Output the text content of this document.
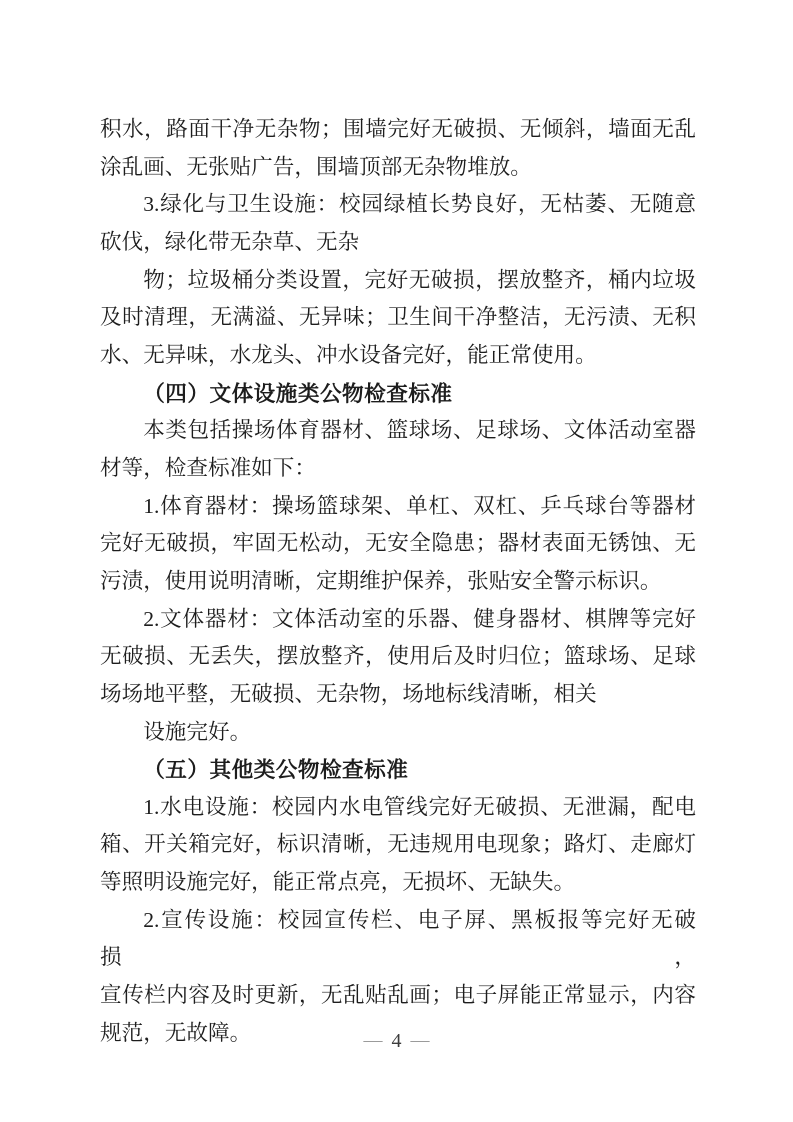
积水，路面干净无杂物；围墙完好无破损、无倾斜，墙面无乱
涂乱画、无张贴广告，围墙顶部无杂物堆放。
3.绿化与卫生设施：校园绿植长势良好，无枯萎、无随意
砍伐，绿化带无杂草、无杂
物；垃圾桶分类设置，完好无破损，摆放整齐，桶内垃圾
及时清理，无满溢、无异味；卫生间干净整洁，无污渍、无积
水、无异味，水龙头、冲水设备完好，能正常使用。
（四）文体设施类公物检查标准
本类包括操场体育器材、篮球场、足球场、文体活动室器
材等，检查标准如下：
1.体育器材：操场篮球架、单杠、双杠、乒乓球台等器材
完好无破损，牢固无松动，无安全隐患；器材表面无锈蚀、无
污渍，使用说明清晰，定期维护保养，张贴安全警示标识。
2.文体器材：文体活动室的乐器、健身器材、棋牌等完好
无破损、无丢失，摆放整齐，使用后及时归位；篮球场、足球
场场地平整，无破损、无杂物，场地标线清晰，相关
设施完好。
（五）其他类公物检查标准
1.水电设施：校园内水电管线完好无破损、无泄漏，配电
箱、开关箱完好，标识清晰，无违规用电现象；路灯、走廊灯
等照明设施完好，能正常点亮，无损坏、无缺失。
2.宣传设施：校园宣传栏、电子屏、黑板报等完好无破损，
宣传栏内容及时更新，无乱贴乱画；电子屏能正常显示，内容
规范，无故障。	— 4 —
